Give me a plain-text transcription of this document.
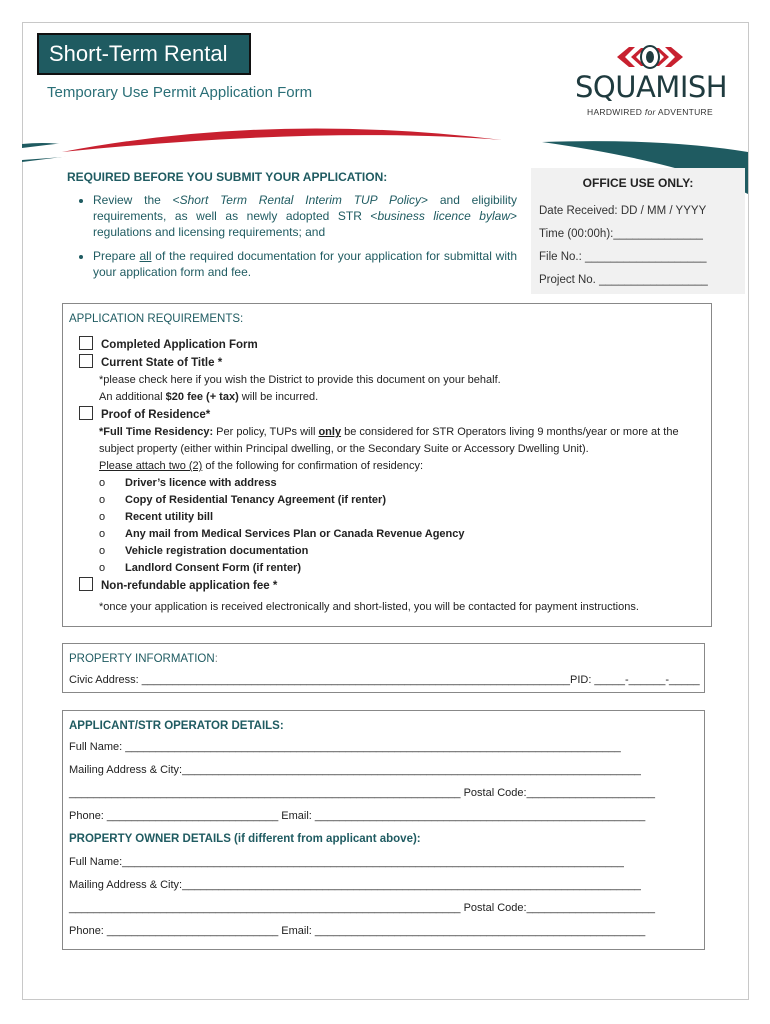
Short-Term Rental
Temporary Use Permit Application Form	SQUAMISH
HARDWIRED for ADVENTURE
REQUIRED BEFORE YOU SUBMIT YOUR APPLICATION:
• Review the <Short Term Rental Interim TUP Policy> and eligibility requirements, as well as newly adopted STR <business licence bylaw> regulations and licensing requirements; and
• Prepare all of the required documentation for your application for submittal with your application form and fee.
OFFICE USE ONLY:
Date Received: DD / MM / YYYY
Time (00:00h):______________
File No.: ___________________
Project No. _________________
APPLICATION REQUIREMENTS:
Completed Application Form
Current State of Title *
*please check here if you wish the District to provide this document on your behalf.
An additional $20 fee (+ tax) will be incurred.
Proof of Residence*
*Full Time Residency: Per policy, TUPs will only be considered for STR Operators living 9 months/year or more at the subject property (either within Principal dwelling, or the Secondary Suite or Accessory Dwelling Unit).
Please attach two (2) of the following for confirmation of residency:
o Driver’s licence with address
o Copy of Residential Tenancy Agreement (if renter)
o Recent utility bill
o Any mail from Medical Services Plan or Canada Revenue Agency
o Vehicle registration documentation
o Landlord Consent Form (if renter)
Non-refundable application fee *
*once your application is received electronically and short-listed, you will be contacted for payment instructions.
PROPERTY INFORMATION:
Civic Address: ______________________________________________________________________PID: _____-______-_____
APPLICANT/STR OPERATOR DETAILS:
Full Name: _________________________________________________________________________________
Mailing Address & City:___________________________________________________________________________
________________________________________________________________ Postal Code:_____________________
Phone: ____________________________ Email: ______________________________________________________
PROPERTY OWNER DETAILS (if different from applicant above):
Full Name:__________________________________________________________________________________
Mailing Address & City:___________________________________________________________________________
________________________________________________________________ Postal Code:_____________________
Phone: ____________________________ Email: ______________________________________________________
